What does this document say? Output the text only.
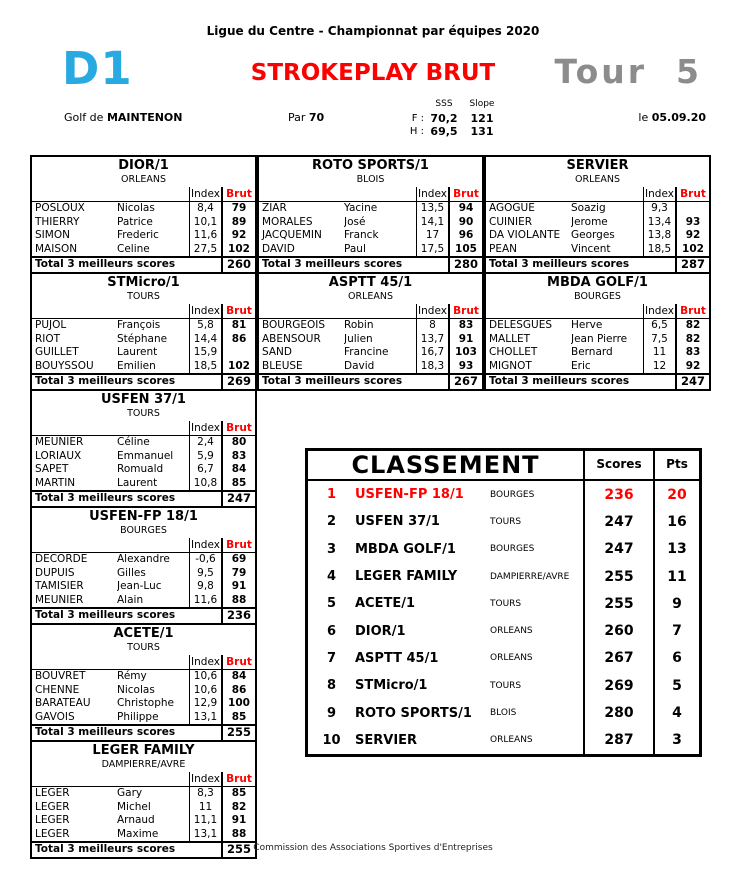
Ligue du Centre - Championnat par équipes 2020
D1	STROKEPLAY BRUT	Tour  5
Golf de MAINTENON	Par 70
SSS	Slope
F : 70,2	121
H : 69,5	131
le 05.09.20
DIOR/1
ORLEANS
Index Brut
POSLOUX	Nicolas	8,4	79
THIERRY	Patrice	10,1	89
SIMON	Frederic	11,6	92
MAISON	Celine	27,5	102
Total 3 meilleurs scores	260
STMicro/1
TOURS
Index Brut
PUJOL	François	5,8	81
RIOT	Stéphane	14,4	86
GUILLET	Laurent	15,9
BOUYSSOU	Emilien	18,5	102
Total 3 meilleurs scores	269
USFEN 37/1
TOURS
Index Brut
MEUNIER	Céline	2,4	80
LORIAUX	Emmanuel	5,9	83
SAPET	Romuald	6,7	84
MARTIN	Laurent	10,8	85
Total 3 meilleurs scores	247
USFEN-FP 18/1
BOURGES
Index Brut
DECORDE	Alexandre	-0,6	69
DUPUIS	Gilles	9,5	79
TAMISIER	Jean-Luc	9,8	91
MEUNIER	Alain	11,6	88
Total 3 meilleurs scores	236
ACETE/1
TOURS
Index Brut
BOUVRET	Rémy	10,6	84
CHENNE	Nicolas	10,6	86
BARATEAU	Christophe	12,9	100
GAVOIS	Philippe	13,1	85
Total 3 meilleurs scores	255
LEGER FAMILY
DAMPIERRE/AVRE
Index Brut
LEGER	Gary	8,3	85
LEGER	Michel	11	82
LEGER	Arnaud	11,1	91
LEGER	Maxime	13,1	88
Total 3 meilleurs scores	255
ROTO SPORTS/1
BLOIS
Index Brut
ZIAR	Yacine	13,5	94
MORALES	José	14,1	90
JACQUEMIN	Franck	17	96
DAVID	Paul	17,5	105
Total 3 meilleurs scores	280
ASPTT 45/1
ORLEANS
Index Brut
BOURGEOIS	Robin	8	83
ABENSOUR	Julien	13,7	91
SAND	Francine	16,7	103
BLEUSE	David	18,3	93
Total 3 meilleurs scores	267
SERVIER
ORLEANS
Index Brut
AGOGUE	Soazig	9,3
CUINIER	Jerome	13,4	93
DA VIOLANTE	Georges	13,8	92
PEAN	Vincent	18,5	102
Total 3 meilleurs scores	287
MBDA GOLF/1
BOURGES
Index Brut
DELESGUES	Herve	6,5	82
MALLET	Jean Pierre	7,5	82
CHOLLET	Bernard	11	83
MIGNOT	Eric	12	92
Total 3 meilleurs scores	247
CLASSEMENT	Scores	Pts
1	USFEN-FP 18/1	BOURGES	236	20
2	USFEN 37/1	TOURS	247	16
3	MBDA GOLF/1	BOURGES	247	13
4	LEGER FAMILY	DAMPIERRE/AVRE	255	11
5	ACETE/1	TOURS	255	9
6	DIOR/1	ORLEANS	260	7
7	ASPTT 45/1	ORLEANS	267	6
8	STMicro/1	TOURS	269	5
9	ROTO SPORTS/1	BLOIS	280	4
10	SERVIER	ORLEANS	287	3
Commission des Associations Sportives d'Entreprises
